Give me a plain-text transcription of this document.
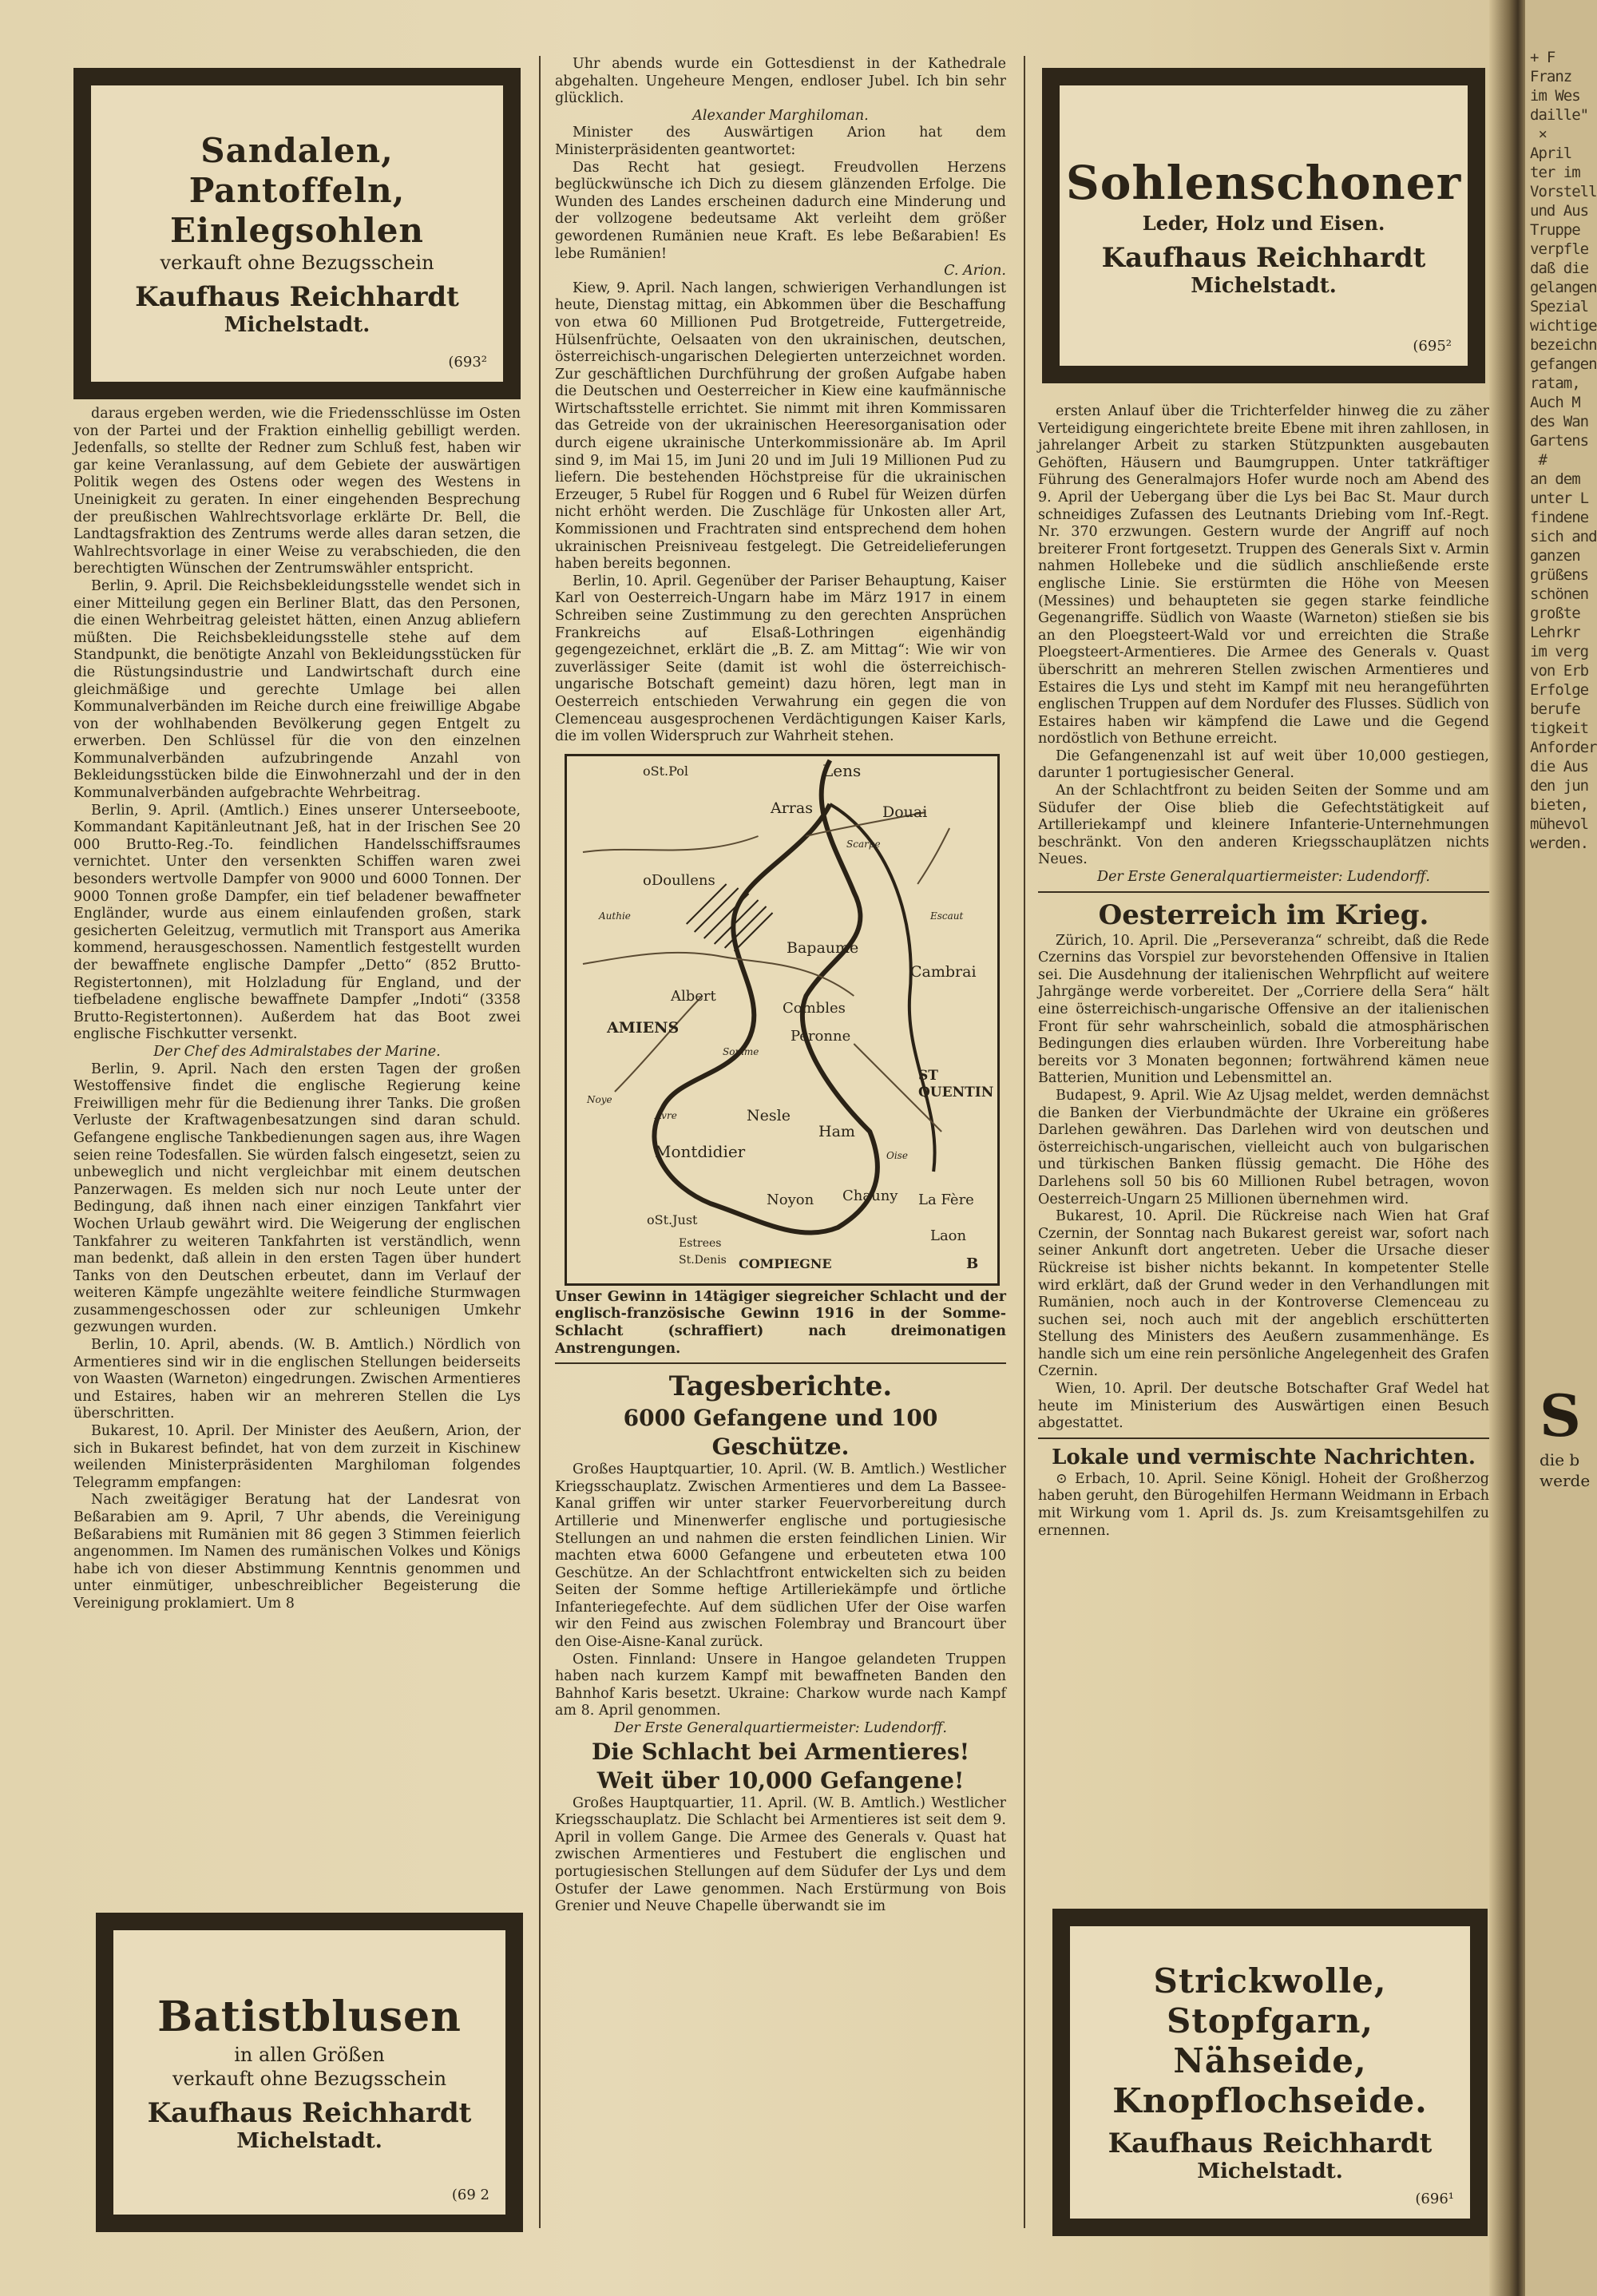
Sandalen,
Pantoffeln,
Einlegsohlen
verkauft ohne Bezugsschein
Kaufhaus Reichhardt
Michelstadt.
(693²

daraus ergeben werden, wie die Friedensschlüsse im Osten von der Partei und der Fraktion einhellig gebilligt werden. Jedenfalls, so stellte der Redner zum Schluß fest, haben wir gar keine Veranlassung, auf dem Gebiete der auswärtigen Politik wegen des Ostens oder wegen des Westens in Uneinigkeit zu geraten. In einer eingehenden Besprechung der preußischen Wahlrechtsvorlage erklärte Dr. Bell, die Landtagsfraktion des Zentrums werde alles daran setzen, die Wahlrechtsvorlage in einer Weise zu verabschieden, die den berechtigten Wünschen der Zentrumswähler entspricht.

Berlin, 9. April. Die Reichsbekleidungsstelle wendet sich in einer Mitteilung gegen ein Berliner Blatt, das den Personen, die einen Wehrbeitrag geleistet hätten, einen Anzug abliefern müßten. Die Reichsbekleidungsstelle stehe auf dem Standpunkt, die benötigte Anzahl von Bekleidungsstücken für die Rüstungsindustrie und Landwirtschaft durch eine gleichmäßige und gerechte Umlage bei allen Kommunalverbänden im Reiche durch eine freiwillige Abgabe von der wohlhabenden Bevölkerung gegen Entgelt zu erwerben. Den Schlüssel für die von den einzelnen Kommunalverbänden aufzubringende Anzahl von Bekleidungsstücken bilde die Einwohnerzahl und der in den Kommunalverbänden aufgebrachte Wehrbeitrag.

Berlin, 9. April. (Amtlich.) Eines unserer Unterseeboote, Kommandant Kapitänleutnant Jeß, hat in der Irischen See 20 000 Brutto-Reg.-To. feindlichen Handelsschiffsraumes vernichtet. Unter den versenkten Schiffen waren zwei besonders wertvolle Dampfer von 9000 und 6000 Tonnen. Der 9000 Tonnen große Dampfer, ein tief beladener bewaffneter Engländer, wurde aus einem einlaufenden großen, stark gesicherten Geleitzug, vermutlich mit Transport aus Amerika kommend, herausgeschossen. Namentlich festgestellt wurden der bewaffnete englische Dampfer „Detto“ (852 Brutto-Registertonnen), mit Holzladung für England, und der tiefbeladene englische bewaffnete Dampfer „Indoti“ (3358 Brutto-Registertonnen). Außerdem hat das Boot zwei englische Fischkutter versenkt.

Der Chef des Admiralstabes der Marine.

Berlin, 9. April. Nach den ersten Tagen der großen Westoffensive findet die englische Regierung keine Freiwilligen mehr für die Bedienung ihrer Tanks. Die großen Verluste der Kraftwagenbesatzungen sind daran schuld. Gefangene englische Tankbedienungen sagen aus, ihre Wagen seien reine Todesfallen. Sie würden falsch eingesetzt, seien zu unbeweglich und nicht vergleichbar mit einem deutschen Panzerwagen. Es melden sich nur noch Leute unter der Bedingung, daß ihnen nach einer einzigen Tankfahrt vier Wochen Urlaub gewährt wird. Die Weigerung der englischen Tankfahrer zu weiteren Tankfahrten ist verständlich, wenn man bedenkt, daß allein in den ersten Tagen über hundert Tanks von den Deutschen erbeutet, dann im Verlauf der weiteren Kämpfe ungezählte weitere feindliche Sturmwagen zusammengeschossen oder zur schleunigen Umkehr gezwungen wurden.

Berlin, 10. April, abends. (W. B. Amtlich.) Nördlich von Armentieres sind wir in die englischen Stellungen beiderseits von Waasten (Warneton) eingedrungen. Zwischen Armentieres und Estaires, haben wir an mehreren Stellen die Lys überschritten.

Bukarest, 10. April. Der Minister des Aeußern, Arion, der sich in Bukarest befindet, hat von dem zurzeit in Kischinew weilenden Ministerpräsidenten Marghiloman folgendes Telegramm empfangen:

Nach zweitägiger Beratung hat der Landesrat von Beßarabien am 9. April, 7 Uhr abends, die Vereinigung Beßarabiens mit Rumänien mit 86 gegen 3 Stimmen feierlich angenommen. Im Namen des rumänischen Volkes und Königs habe ich von dieser Abstimmung Kenntnis genommen und unter einmütiger, unbeschreiblicher Begeisterung die Vereinigung proklamiert. Um 8

Batistblusen
in allen Größen
verkauft ohne Bezugsschein
Kaufhaus Reichhardt
Michelstadt.
(69 2

Uhr abends wurde ein Gottesdienst in der Kathedrale abgehalten. Ungeheure Mengen, endloser Jubel. Ich bin sehr glücklich.

Alexander Marghiloman.

Minister des Auswärtigen Arion hat dem Ministerpräsidenten geantwortet:

Das Recht hat gesiegt. Freudvollen Herzens beglückwünsche ich Dich zu diesem glänzenden Erfolge. Die Wunden des Landes erscheinen dadurch eine Minderung und der vollzogene bedeutsame Akt verleiht dem größer gewordenen Rumänien neue Kraft. Es lebe Beßarabien! Es lebe Rumänien!

C. Arion.

Kiew, 9. April. Nach langen, schwierigen Verhandlungen ist heute, Dienstag mittag, ein Abkommen über die Beschaffung von etwa 60 Millionen Pud Brotgetreide, Futtergetreide, Hülsenfrüchte, Oelsaaten von den ukrainischen, deutschen, österreichisch-ungarischen Delegierten unterzeichnet worden. Zur geschäftlichen Durchführung der großen Aufgabe haben die Deutschen und Oesterreicher in Kiew eine kaufmännische Wirtschaftsstelle errichtet. Sie nimmt mit ihren Kommissaren das Getreide von der ukrainischen Heeresorganisation oder durch eigene ukrainische Unterkommissionäre ab. Im April sind 9, im Mai 15, im Juni 20 und im Juli 19 Millionen Pud zu liefern. Die bestehenden Höchstpreise für die ukrainischen Erzeuger, 5 Rubel für Roggen und 6 Rubel für Weizen dürfen nicht erhöht werden. Die Zuschläge für Unkosten aller Art, Kommissionen und Frachtraten sind entsprechend dem hohen ukrainischen Preisniveau festgelegt. Die Getreidelieferungen haben bereits begonnen.

Berlin, 10. April. Gegenüber der Pariser Behauptung, Kaiser Karl von Oesterreich-Ungarn habe im März 1917 in einem Schreiben seine Zustimmung zu den gerechten Ansprüchen Frankreichs auf Elsaß-Lothringen eigenhändig gegengezeichnet, erklärt die „B. Z. am Mittag“: Wie wir von zuverlässiger Seite (damit ist wohl die österreichisch-ungarische Botschaft gemeint) dazu hören, legt man in Oesterreich entschieden Verwahrung ein gegen die von Clemenceau ausgesprochenen Verdächtigungen Kaiser Karls, die im vollen Widerspruch zur Wahrheit stehen.

oSt.Pol	Lens
Arras	Douai
Scarpe
Escaut
oDoullens
Authie
Bapaume
Cambrai
Albert
AMIENS
Combles
Peronne
Somme
Avre
Noye
ST QUENTIN
Nesle
Ham
Montdidier
Noyon Chauny La Fère
Oise
oSt.Just
Estrees St.Denis COMPIEGNE
Laon
B

Unser Gewinn in 14tägiger siegreicher Schlacht und der englisch-französische Gewinn 1916 in der Somme-Schlacht (schraffiert) nach dreimonatigen Anstrengungen.

Tagesberichte.

6000 Gefangene und 100 Geschütze.

Großes Hauptquartier, 10. April. (W. B. Amtlich.) Westlicher Kriegsschauplatz. Zwischen Armentieres und dem La Bassee-Kanal griffen wir unter starker Feuervorbereitung durch Artillerie und Minenwerfer englische und portugiesische Stellungen an und nahmen die ersten feindlichen Linien. Wir machten etwa 6000 Gefangene und erbeuteten etwa 100 Geschütze. An der Schlachtfront entwickelten sich zu beiden Seiten der Somme heftige Artilleriekämpfe und örtliche Infanteriegefechte. Auf dem südlichen Ufer der Oise warfen wir den Feind aus zwischen Folembray und Brancourt über den Oise-Aisne-Kanal zurück.

Osten. Finnland: Unsere in Hangoe gelandeten Truppen haben nach kurzem Kampf mit bewaffneten Banden den Bahnhof Karis besetzt. Ukraine: Charkow wurde nach Kampf am 8. April genommen.

Der Erste Generalquartiermeister: Ludendorff.

Die Schlacht bei Armentieres!

Weit über 10,000 Gefangene!

Großes Hauptquartier, 11. April. (W. B. Amtlich.) Westlicher Kriegsschauplatz. Die Schlacht bei Armentieres ist seit dem 9. April in vollem Gange. Die Armee des Generals v. Quast hat zwischen Armentieres und Festubert die englischen und portugiesischen Stellungen auf dem Südufer der Lys und dem Ostufer der Lawe genommen. Nach Erstürmung von Bois Grenier und Neuve Chapelle überwandt sie im

Sohlenschoner
Leder, Holz und Eisen.
Kaufhaus Reichhardt
Michelstadt.
(695²

ersten Anlauf über die Trichterfelder hinweg die zu zäher Verteidigung eingerichtete breite Ebene mit ihren zahllosen, in jahrelanger Arbeit zu starken Stützpunkten ausgebauten Gehöften, Häusern und Baumgruppen. Unter tatkräftiger Führung des Generalmajors Hofer wurde noch am Abend des 9. April der Uebergang über die Lys bei Bac St. Maur durch schneidiges Zufassen des Leutnants Driebing vom Inf.-Regt. Nr. 370 erzwungen. Gestern wurde der Angriff auf noch breiterer Front fortgesetzt. Truppen des Generals Sixt v. Armin nahmen Hollebeke und die südlich anschließende erste englische Linie. Sie erstürmten die Höhe von Meesen (Messines) und behaupteten sie gegen starke feindliche Gegenangriffe. Südlich von Waaste (Warneton) stießen sie bis an den Ploegsteert-Wald vor und erreichten die Straße Ploegsteert-Armentieres. Die Armee des Generals v. Quast überschritt an mehreren Stellen zwischen Armentieres und Estaires die Lys und steht im Kampf mit neu herangeführten englischen Truppen auf dem Nordufer des Flusses. Südlich von Estaires haben wir kämpfend die Lawe und die Gegend nordöstlich von Bethune erreicht.

Die Gefangenenzahl ist auf weit über 10,000 gestiegen, darunter 1 portugiesischer General.

An der Schlachtfront zu beiden Seiten der Somme und am Südufer der Oise blieb die Gefechtstätigkeit auf Artilleriekampf und kleinere Infanterie-Unternehmungen beschränkt. Von den anderen Kriegsschauplätzen nichts Neues.

Der Erste Generalquartiermeister: Ludendorff.

Oesterreich im Krieg.

Zürich, 10. April. Die „Perseveranza“ schreibt, daß die Rede Czernins das Vorspiel zur bevorstehenden Offensive in Italien sei. Die Ausdehnung der italienischen Wehrpflicht auf weitere Jahrgänge werde vorbereitet. Der „Corriere della Sera“ hält eine österreichisch-ungarische Offensive an der italienischen Front für sehr wahrscheinlich, sobald die atmosphärischen Bedingungen dies erlauben würden. Ihre Vorbereitung habe bereits vor 3 Monaten begonnen; fortwährend kämen neue Batterien, Munition und Lebensmittel an.

Budapest, 9. April. Wie Az Ujsag meldet, werden demnächst die Banken der Vierbundmächte der Ukraine ein größeres Darlehen gewähren. Das Darlehen wird von deutschen und österreichisch-ungarischen, vielleicht auch von bulgarischen und türkischen Banken flüssig gemacht. Die Höhe des Darlehens soll 50 bis 60 Millionen Rubel betragen, wovon Oesterreich-Ungarn 25 Millionen übernehmen wird.

Bukarest, 10. April. Die Rückreise nach Wien hat Graf Czernin, der Sonntag nach Bukarest gereist war, sofort nach seiner Ankunft dort angetreten. Ueber die Ursache dieser Rückreise ist bisher nichts bekannt. In kompetenter Stelle wird erklärt, daß der Grund weder in den Verhandlungen mit Rumänien, noch auch in der Kontroverse Clemenceau zu suchen sei, noch auch mit der angeblich erschütterten Stellung des Ministers des Aeußern zusammenhänge. Es handle sich um eine rein persönliche Angelegenheit des Grafen Czernin.

Wien, 10. April. Der deutsche Botschafter Graf Wedel hat heute im Ministerium des Auswärtigen einen Besuch abgestattet.

Lokale und vermischte Nachrichten.

⊙ Erbach, 10. April. Seine Königl. Hoheit der Großherzog haben geruht, den Bürogehilfen Hermann Weidmann in Erbach mit Wirkung vom 1. April ds. Js. zum Kreisamtsgehilfen zu ernennen.

Strickwolle,
Stopfgarn,
Nähseide,
Knopflochseide.
Kaufhaus Reichhardt
Michelstadt.
(696¹
+ F
Franz
im Wes
daille"
×
April
ter im
Vorstell
und Aus
Truppe
verpfle
daß die
gelangen
Spezial
wichtige
bezeichn
gefangen
ratam,
Auch M
des Wan
Gartens
#
an dem
unter L
findene
sich and
ganzen
grüßens
schönen
großte
Lehrkr
im verg
von Erb
Erfolge
berufe
tigkeit
Anforder
die Aus
den jun
bieten,
mühevol
werden.
S
die b
werde
